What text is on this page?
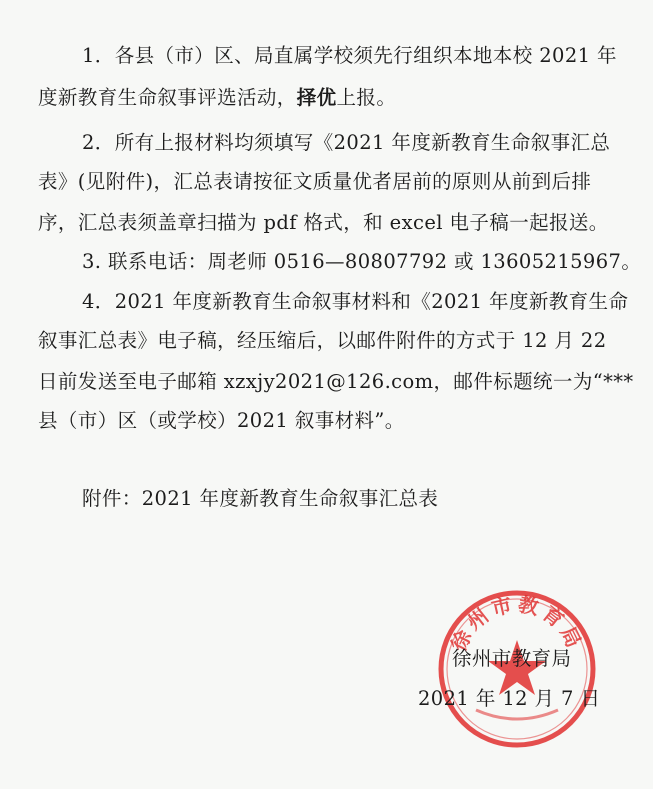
1．各县（市）区、局直属学校须先行组织本地本校 2021 年
度新教育生命叙事评选活动，择优上报。
2．所有上报材料均须填写《2021 年度新教育生命叙事汇总
表》(见附件)，汇总表请按征文质量优者居前的原则从前到后排
序，汇总表须盖章扫描为 pdf 格式，和 excel 电子稿一起报送。
3. 联系电话：周老师 0516—80807792 或 13605215967。
4．2021 年度新教育生命叙事材料和《2021 年度新教育生命
叙事汇总表》电子稿，经压缩后，以邮件附件的方式于 12 月 22
日前发送至电子邮箱 xzxjy2021@126.com，邮件标题统一为“***
县（市）区（或学校）2021 叙事材料”。
附件：2021 年度新教育生命叙事汇总表
徐州市教育局
徐州市教育局
2021 年 12 月 7 日
